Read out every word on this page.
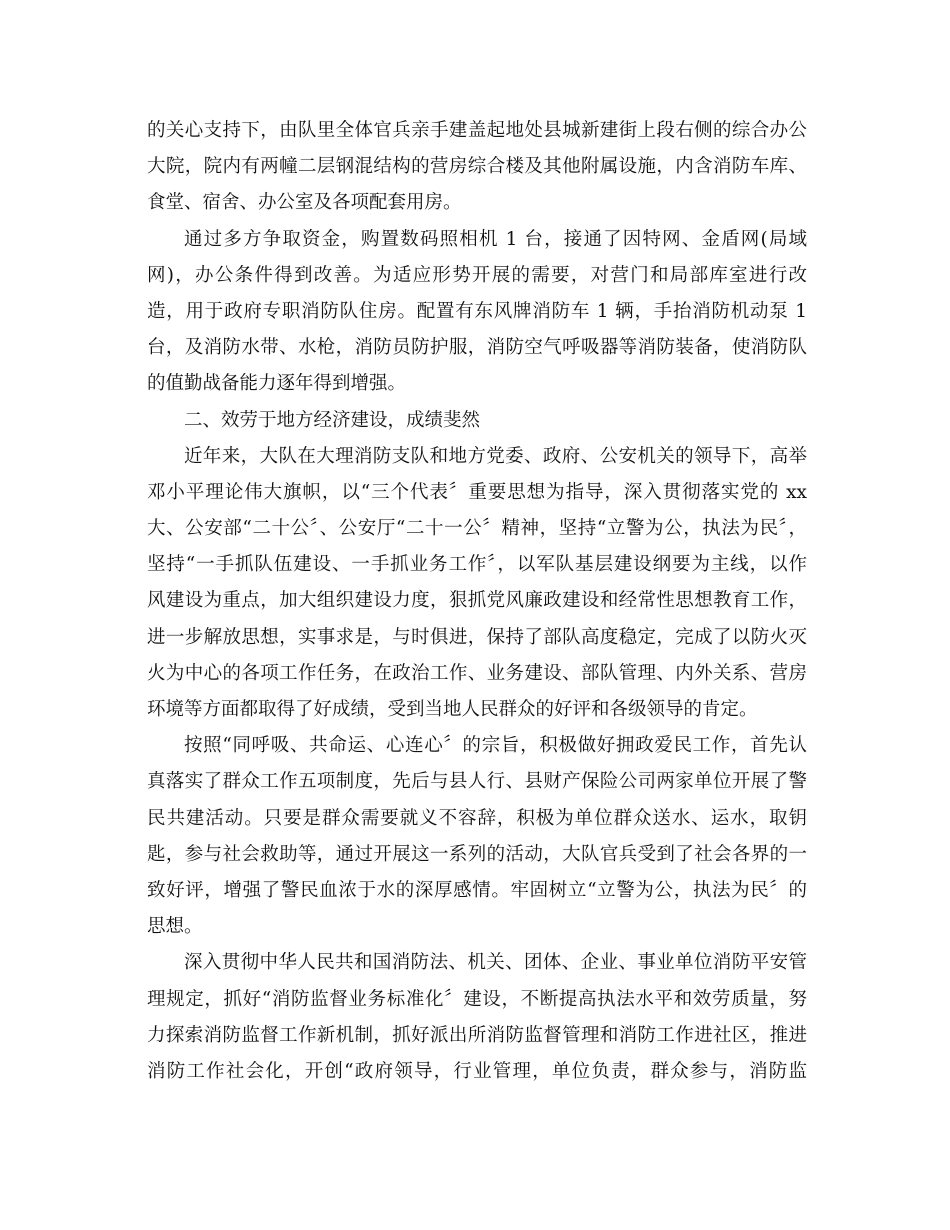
的关心支持下，由队里全体官兵亲手建盖起地处县城新建街上段右侧的综合办公
大院，院内有两幢二层钢混结构的营房综合楼及其他附属设施，内含消防车库、
食堂、宿舍、办公室及各项配套用房。
通过多方争取资金，购置数码照相机 1 台，接通了因特网、金盾网(局域
网)，办公条件得到改善。为适应形势开展的需要，对营门和局部库室进行改
造，用于政府专职消防队住房。配置有东风牌消防车 1 辆，手抬消防机动泵 1
台，及消防水带、水枪，消防员防护服，消防空气呼吸器等消防装备，使消防队
的值勤战备能力逐年得到增强。
二、效劳于地方经济建设，成绩斐然
近年来，大队在大理消防支队和地方党委、政府、公安机关的领导下，高举
邓小平理论伟大旗帜，以“三个代表〞重要思想为指导，深入贯彻落实党的 xx
大、公安部“二十公〞、公安厅“二十一公〞精神，坚持“立警为公，执法为民〞，
坚持“一手抓队伍建设、一手抓业务工作〞，以军队基层建设纲要为主线，以作
风建设为重点，加大组织建设力度，狠抓党风廉政建设和经常性思想教育工作，
进一步解放思想，实事求是，与时俱进，保持了部队高度稳定，完成了以防火灭
火为中心的各项工作任务，在政治工作、业务建设、部队管理、内外关系、营房
环境等方面都取得了好成绩，受到当地人民群众的好评和各级领导的肯定。
按照“同呼吸、共命运、心连心〞的宗旨，积极做好拥政爱民工作，首先认
真落实了群众工作五项制度，先后与县人行、县财产保险公司两家单位开展了警
民共建活动。只要是群众需要就义不容辞，积极为单位群众送水、运水，取钥
匙，参与社会救助等，通过开展这一系列的活动，大队官兵受到了社会各界的一
致好评，增强了警民血浓于水的深厚感情。牢固树立“立警为公，执法为民〞的
思想。
深入贯彻中华人民共和国消防法、机关、团体、企业、事业单位消防平安管
理规定，抓好“消防监督业务标准化〞建设，不断提高执法水平和效劳质量，努
力探索消防监督工作新机制，抓好派出所消防监督管理和消防工作进社区，推进
消防工作社会化，开创“政府领导，行业管理，单位负责，群众参与，消防监
